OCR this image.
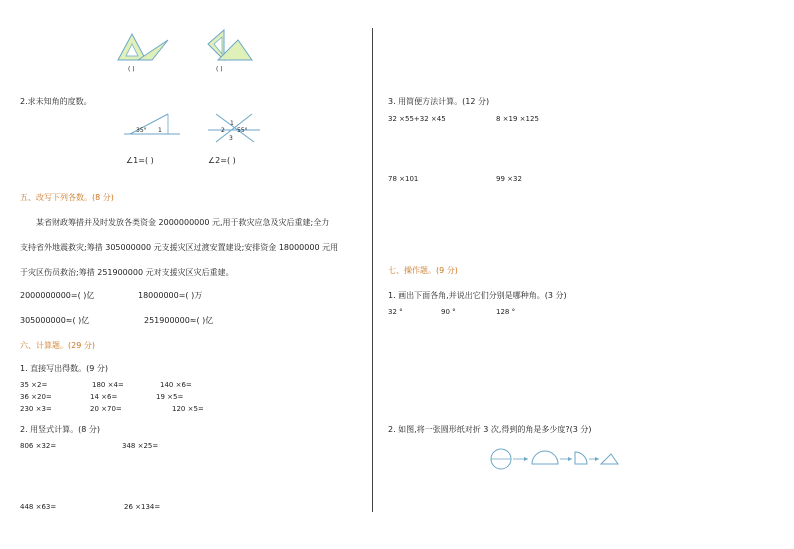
( )	( )
2.求未知角的度数。
35° 1
∠1=( )
2
1
55°
3
∠2=( )
五、改写下列各数。(8 分)
某省财政筹措并及时发放各类资金 2000000000 元,用于救灾应急及灾后重建;全力
支持省外地震救灾;筹措 305000000 元支援灾区过渡安置建设;安排资金 18000000 元用
于灾区伤员救治;筹措 251900000 元对支援灾区灾后重建。
2000000000=( )亿	18000000=( )万
305000000≈( )亿	251900000≈( )亿
六、计算题。(29 分)
1. 直接写出得数。(9 分)
35 ×2=	180 ×4=	140 ×6=
36 ×20=	14 ×6=	19 ×5=
230 ×3=	20 ×70=	120 ×5=
2. 用竖式计算。(8 分)
806 ×32=	348 ×25=
448 ×63=	26 ×134=
3. 用简便方法计算。(12 分)
32 ×55+32 ×45	8 ×19 ×125
78 ×101	99 ×32
七、操作题。(9 分)
1. 画出下面各角,并说出它们分别是哪种角。(3 分)
32 °	90 °	128 °
2. 如图,将一张圆形纸对折 3 次,得到的角是多少度?(3 分)
